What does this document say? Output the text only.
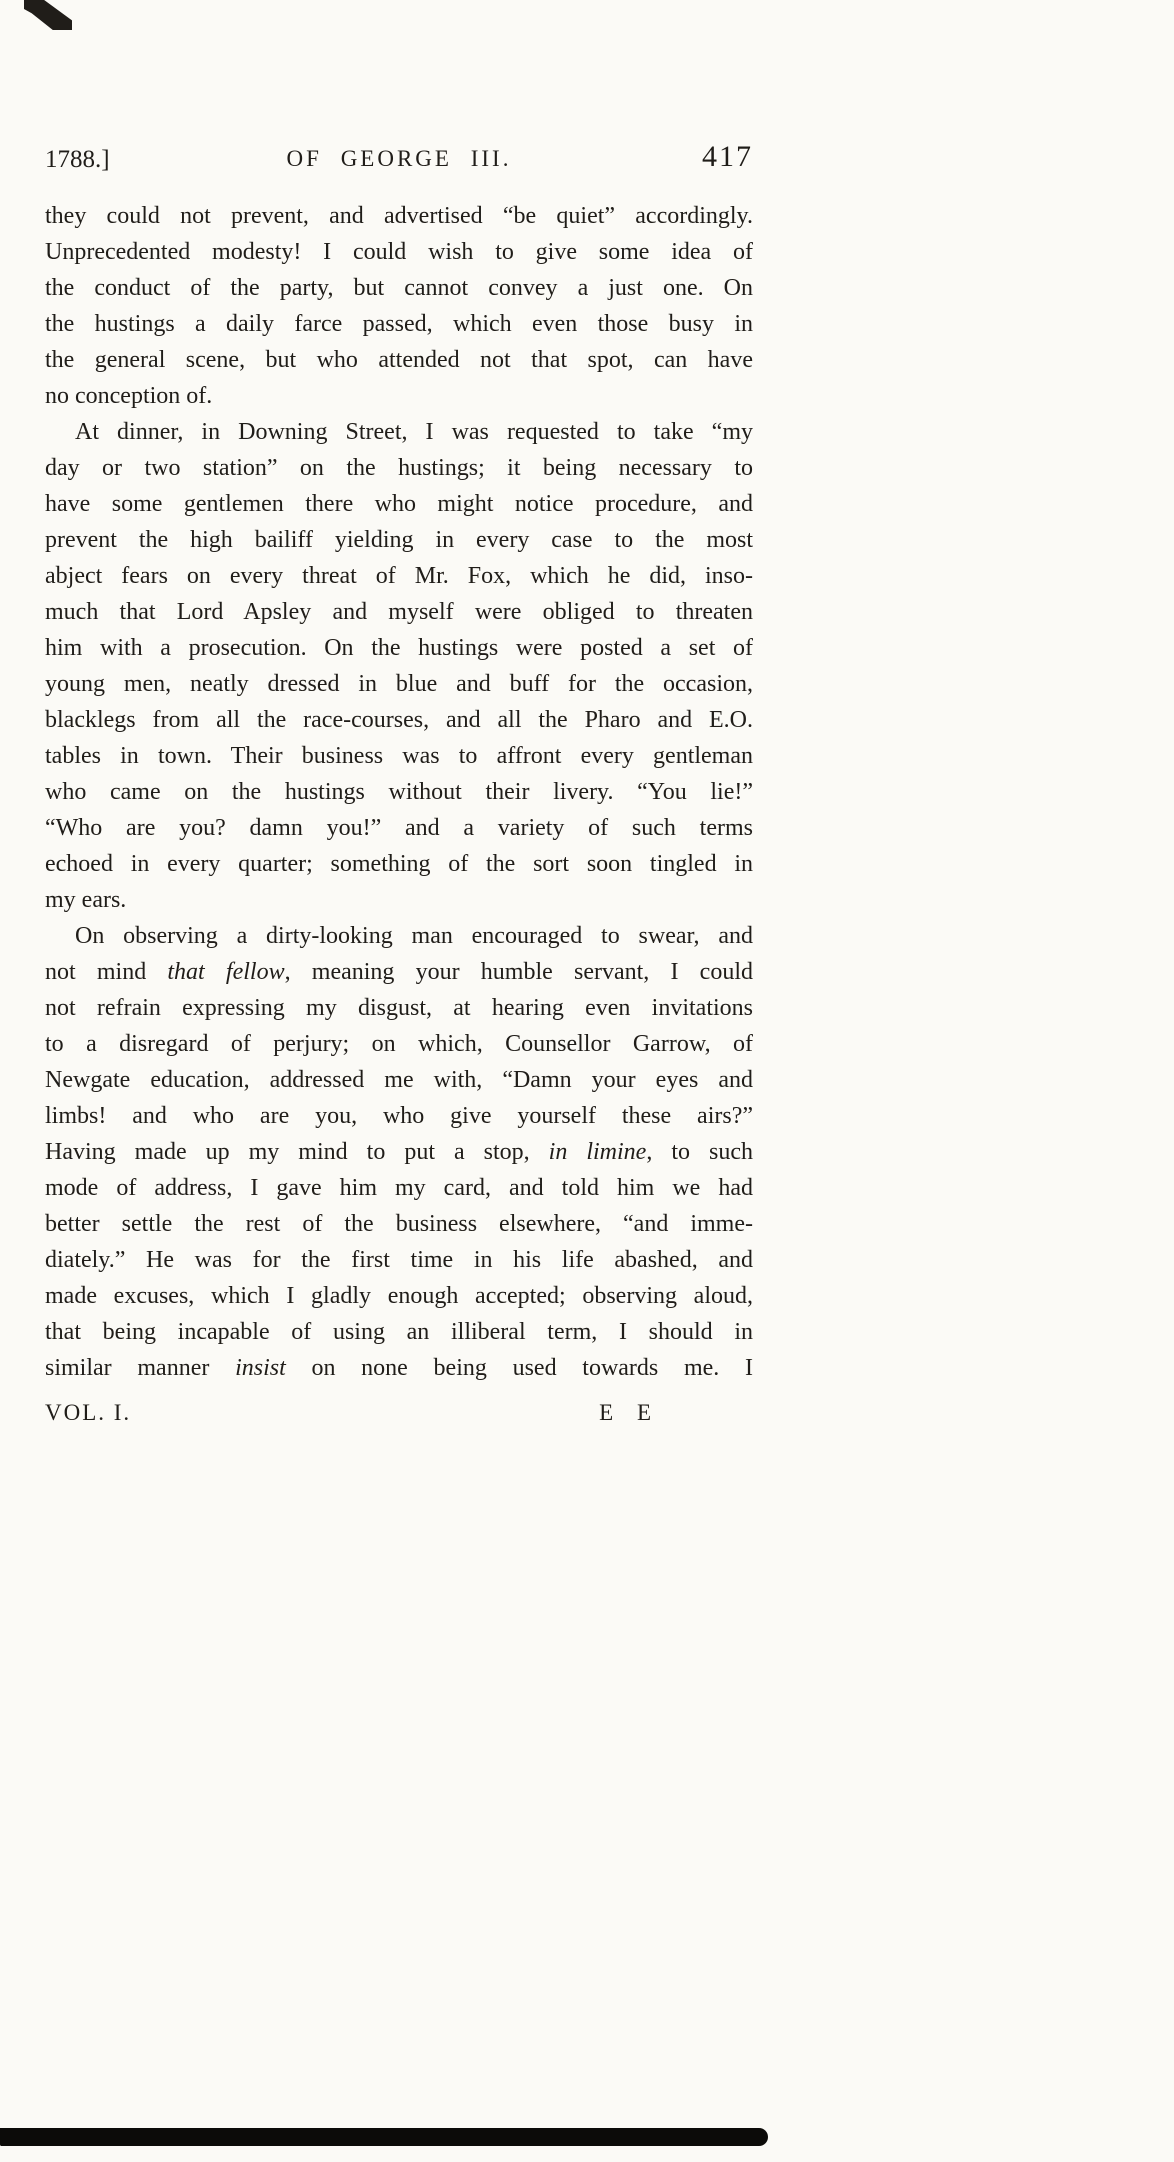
1788.]	OF GEORGE III.	417
they could not prevent, and advertised “be quiet” accordingly.
Unprecedented modesty! I could wish to give some idea of
the conduct of the party, but cannot convey a just one. On
the hustings a daily farce passed, which even those busy in
the general scene, but who attended not that spot, can have
no conception of.
At dinner, in Downing Street, I was requested to take “my
day or two station” on the hustings; it being necessary to
have some gentlemen there who might notice procedure, and
prevent the high bailiff yielding in every case to the most
abject fears on every threat of Mr. Fox, which he did, inso-
much that Lord Apsley and myself were obliged to threaten
him with a prosecution. On the hustings were posted a set of
young men, neatly dressed in blue and buff for the occasion,
blacklegs from all the race-courses, and all the Pharo and E.O.
tables in town. Their business was to affront every gentleman
who came on the hustings without their livery. “You lie!”
“Who are you? damn you!” and a variety of such terms
echoed in every quarter; something of the sort soon tingled in
my ears.
On observing a dirty-looking man encouraged to swear, and
not mind that fellow, meaning your humble servant, I could
not refrain expressing my disgust, at hearing even invitations
to a disregard of perjury; on which, Counsellor Garrow, of
Newgate education, addressed me with, “Damn your eyes and
limbs! and who are you, who give yourself these airs?”
Having made up my mind to put a stop, in limine, to such
mode of address, I gave him my card, and told him we had
better settle the rest of the business elsewhere, “and imme-
diately.” He was for the first time in his life abashed, and
made excuses, which I gladly enough accepted; observing aloud,
that being incapable of using an illiberal term, I should in
similar manner insist on none being used towards me. I
VOL. I.	E E
